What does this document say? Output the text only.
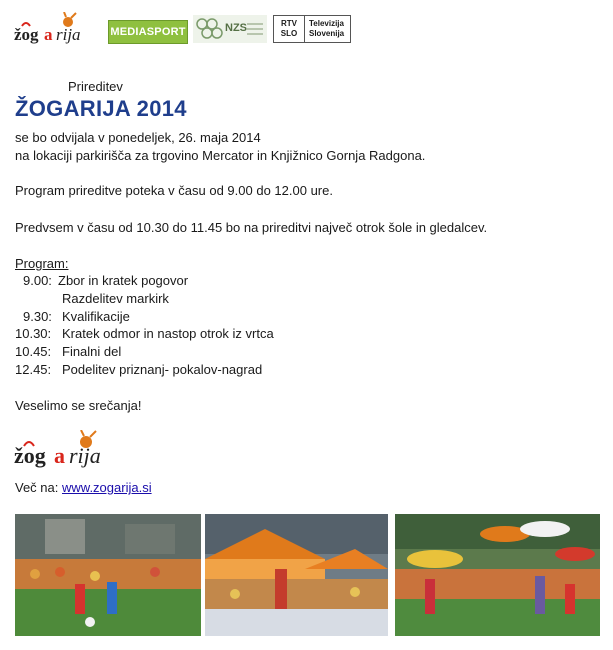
žog a rija	MEDIASPORT	NZS	RTV
SLO
Televizija
Slovenija
Prireditev
ŽOGARIJA 2014
se bo odvijala v ponedeljek, 26. maja 2014
na lokaciji parkirišča za trgovino Mercator in Knjižnico Gornja Radgona.
Program prireditve poteka v času od 9.00 do 12.00 ure.
Predvsem v času od 10.30 do 11.45 bo na prireditvi največ otrok šole in gledalcev.
Program:
9.00: Zbor in kratek pogovor
Razdelitev markirk
9.30: Kvalifikacije
10.30: Kratek odmor in nastop otrok iz vrtca
10.45: Finalni del
12.45: Podelitev priznanj- pokalov-nagrad
Veselimo se srečanja!
žog a rija
Več na: www.zogarija.si
